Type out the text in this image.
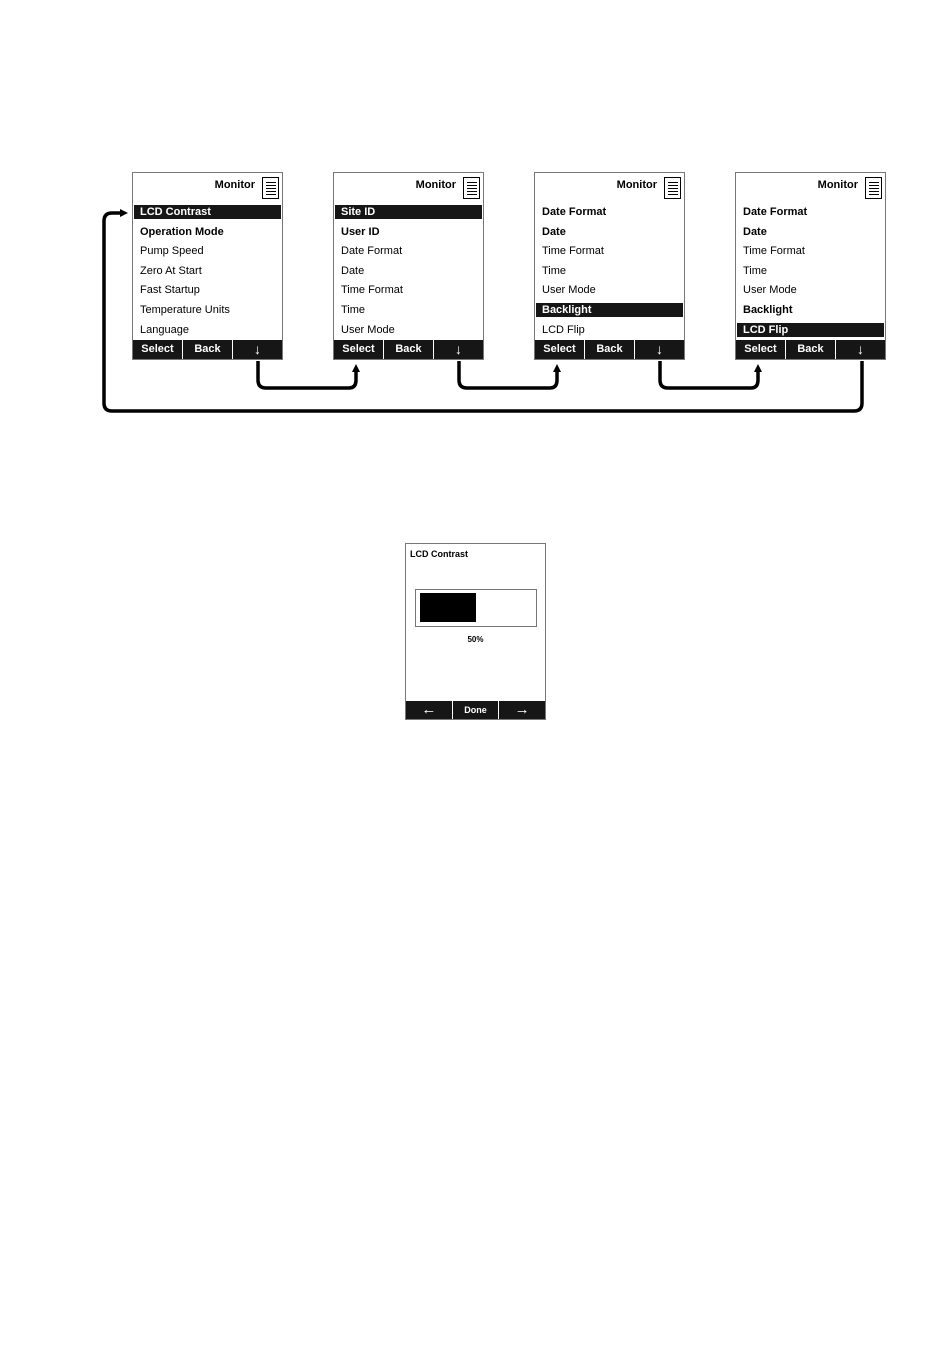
Monitor
LCD Contrast
Operation Mode
Pump Speed
Zero At Start
Fast Startup
Temperature Units
Language
Select	Back	↓
Monitor
Site ID
User ID
Date Format
Date
Time Format
Time
User Mode
Select	Back	↓
Monitor
Date Format
Date
Time Format
Time
User Mode
Backlight
LCD Flip
Select	Back	↓
Monitor
Date Format
Date
Time Format
Time
User Mode
Backlight
LCD Flip
Select	Back	↓
LCD Contrast
50%
←	Done	→
